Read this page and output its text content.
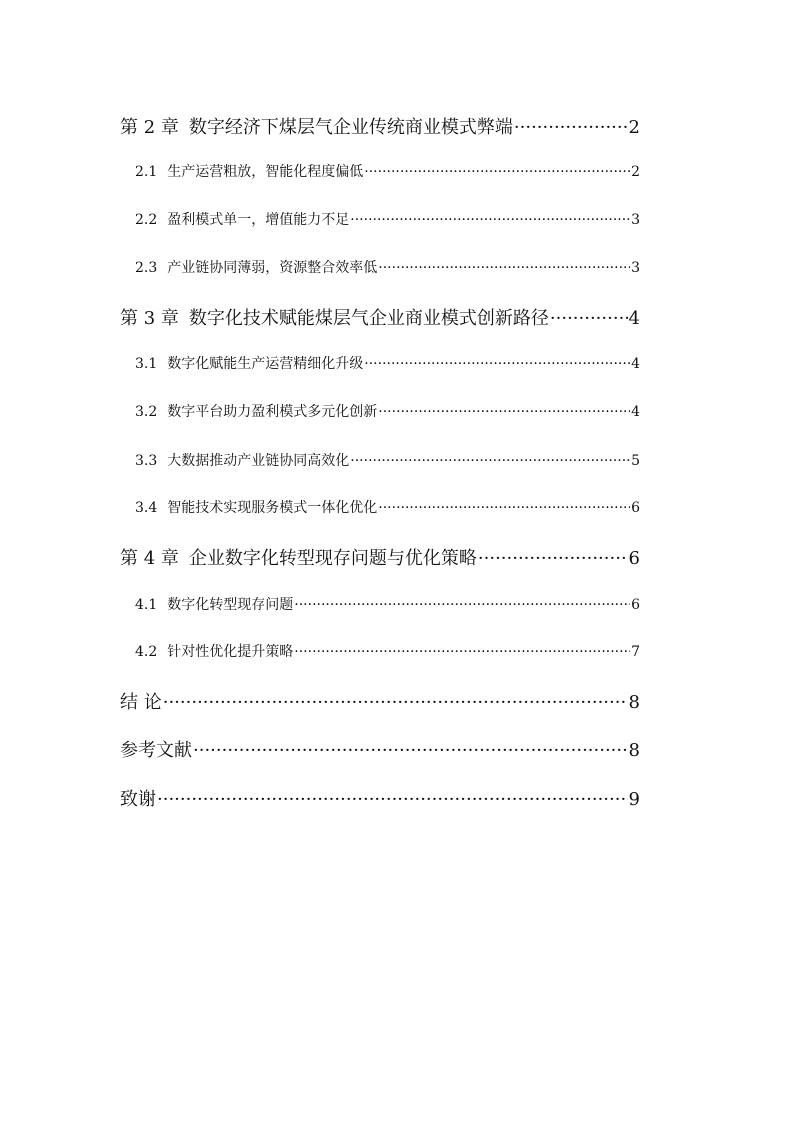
第 2 章 数字经济下煤层气企业传统商业模式弊端 ·····	2
2.1 生产运营粗放，智能化程度偏低 ·····	2
2.2 盈利模式单一，增值能力不足 ·····	3
2.3 产业链协同薄弱，资源整合效率低 ·····	3
第 3 章 数字化技术赋能煤层气企业商业模式创新路径 ·····	4
3.1 数字化赋能生产运营精细化升级 ·····	4
3.2 数字平台助力盈利模式多元化创新 ·····	4
3.3 大数据推动产业链协同高效化 ·····	5
3.4 智能技术实现服务模式一体化优化 ·····	6
第 4 章 企业数字化转型现存问题与优化策略 ·····	6
4.1 数字化转型现存问题 ·····	6
4.2 针对性优化提升策略 ·····	7
结 论 ·····	8
参考文献 ·····	8
致谢 ·····	9
